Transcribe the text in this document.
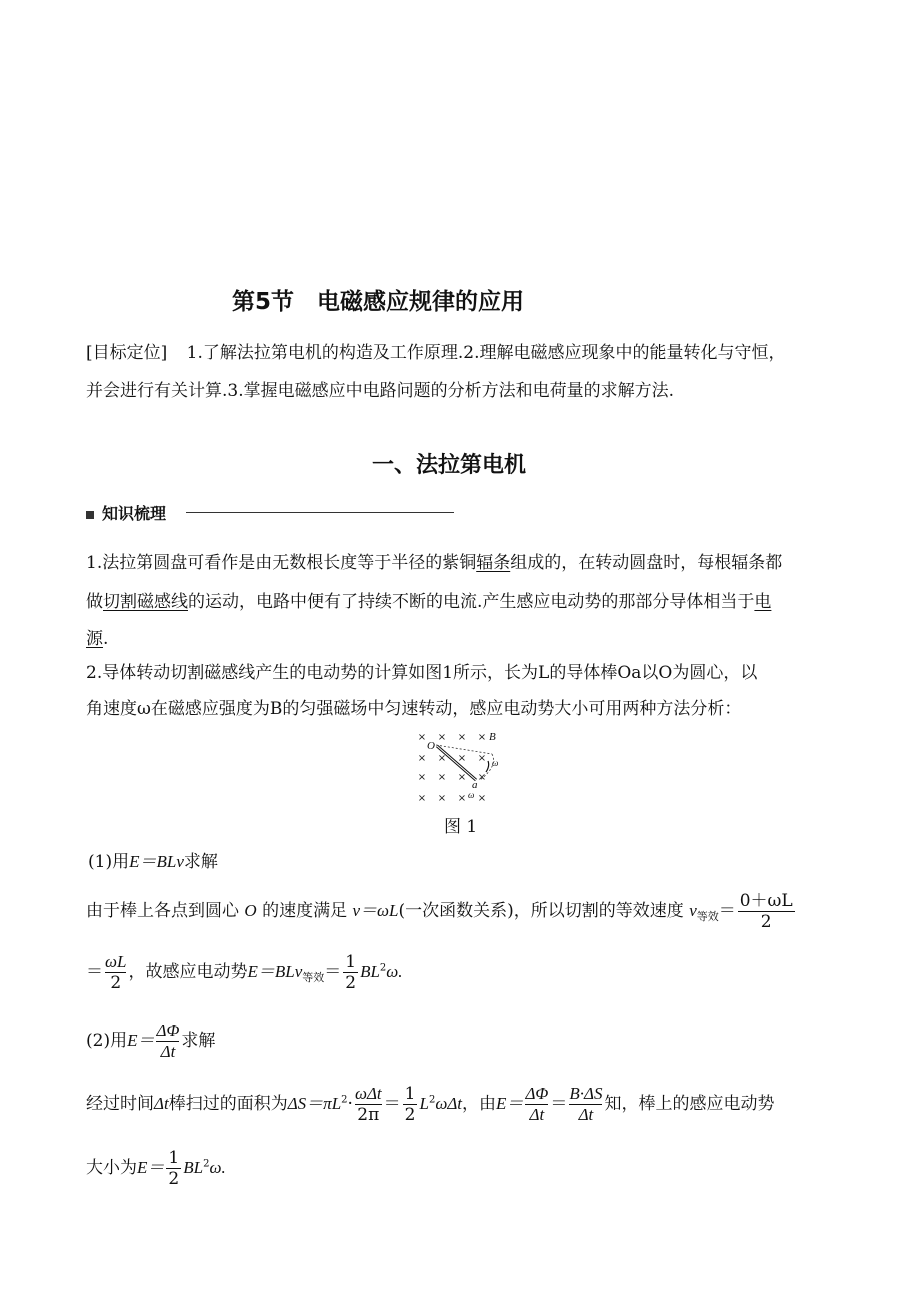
第5节　电磁感应规律的应用
[目标定位] 1.了解法拉第电机的构造及工作原理.2.理解电磁感应现象中的能量转化与守恒，
并会进行有关计算.3.掌握电磁感应中电路问题的分析方法和电荷量的求解方法.
一、法拉第电机
知识梳理
1.法拉第圆盘可看作是由无数根长度等于半径的紫铜辐条组成的，在转动圆盘时，每根辐条都
做切割磁感线的运动，电路中便有了持续不断的电流.产生感应电动势的那部分导体相当于电
源.
2.导体转动切割磁感线产生的电动势的计算如图1所示，长为L的导体棒Oa以O为圆心，以
角速度ω在磁感应强度为B的匀强磁场中匀速转动，感应电动势大小可用两种方法分析：
× × × ×
× × × ×
× × × ×
× × × ×
O
B
a
ω
ω
图 1
(1)用E＝BLv求解
由于棒上各点到圆心 O 的速度满足 v＝ωL(一次函数关系)，所以切割的等效速度 $v_{等效}= \frac{0+\omega L}{2}$
＝ $\frac{\omega L}{2}$ ，故感应电动势$E=BLv_{等效}= \frac{1}{2} BL^2\omega$.
(2)用$E= \frac{\Delta\Phi}{\Delta t}$ 求解
经过时间Δt棒扫过的面积为$\Delta S=\pi L^2\cdot \frac{\text{ωΔt}}{2\pi} = \frac{1}{2} L^2\omega\Delta t$，由$E= \frac{\Delta\Phi}{\Delta t} = \frac{B\cdot\Delta S}{\Delta t}$ 知，棒上的感应电动势
大小为$E= \frac{1}{2} BL^2\omega$.
